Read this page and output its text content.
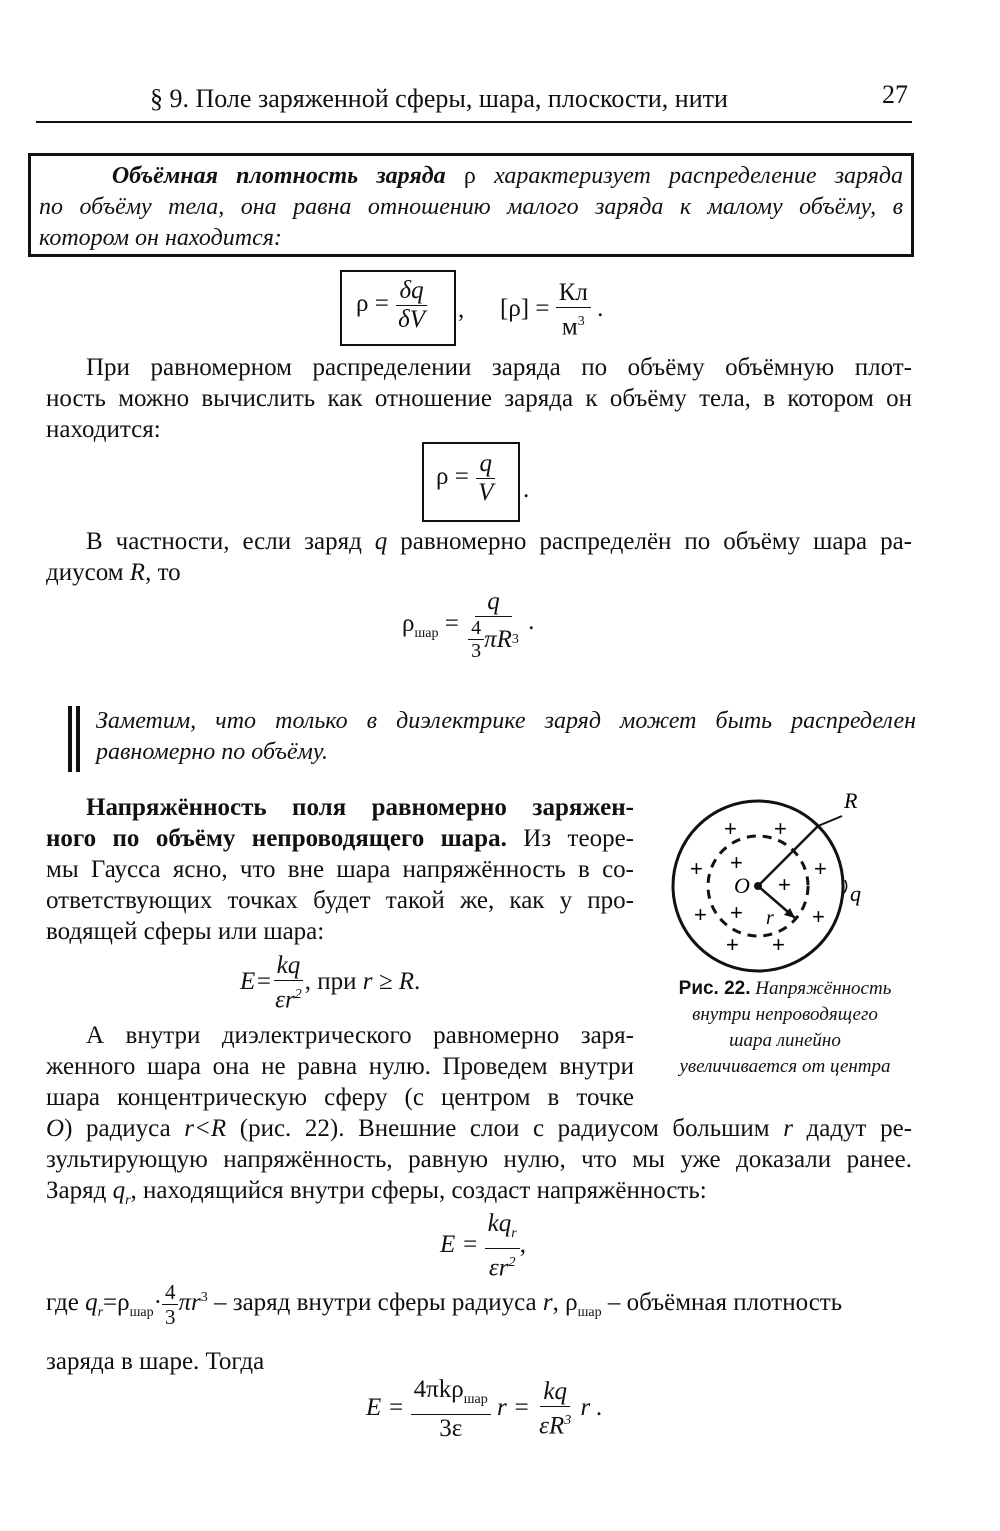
§ 9. Поле заряженной сферы, шара, плоскости, нити	27
Объёмная плотность заряда ρ характеризует распределение заряда
по объёму тела, она равна отношению малого заряда к малому объёму, в
котором он находится:
$\rho = \frac{\delta q}{\delta V}$ , $[\rho] = \frac{Кл}{м^3}$ .
При равномерном распределении заряда по объёму объёмную плот-
ность можно вычислить как отношение заряда к объёму тела, в котором он
находится:
$\rho = \frac{q}{V}$ .
В частности, если заряд q равномерно распределён по объёму шара ра-
диусом R, то
$\rho_{шар}$ =
$\frac{q}{\frac{4}{3} \pi R 3}$ .
Заметим, что только в диэлектрике заряд может быть распределен
равномерно по объёму.
Напряжённость поля равномерно заряжен-
ного по объёму непроводящего шара. Из теоре-
мы Гаусса ясно, что вне шара напряжённость в со-
ответствующих точках будет такой же, как у про-
водящей сферы или шара:
$E= \frac{kq}{\varepsilon r^2}$ , при r ≥ R.
R
q
O
r
+ +
+ +	+
+
+ +	+
+ +
Рис. 22. Напряжённость
внутри непроводящего
шара линейно
увеличивается от центра
А внутри диэлектрического равномерно заря-
женного шара она не равна нулю. Проведем внутри
шара концентрическую сферу (с центром в точке
O) радиуса r<R (рис. 22). Внешние слои с радиусом большим r дадут ре-
зультирующую напряжённость, равную нулю, что мы уже доказали ранее.
Заряд $q_r$, находящийся внутри сферы, создаст напряжённость:
$E = \frac{kq_r}{\varepsilon r^2}$ ,
где $q_r=\rho_{шар}\cdot \frac{4}{3} \pi r^3$ – заряд внутри сферы радиуса r, $\rho_{шар}$ – объёмная плотность
заряда в шаре. Тогда
$E = \frac{4\pi k\rho_{шар}}{3\varepsilon}$ $r = \frac{kq}{\varepsilon R^3}$ r .
